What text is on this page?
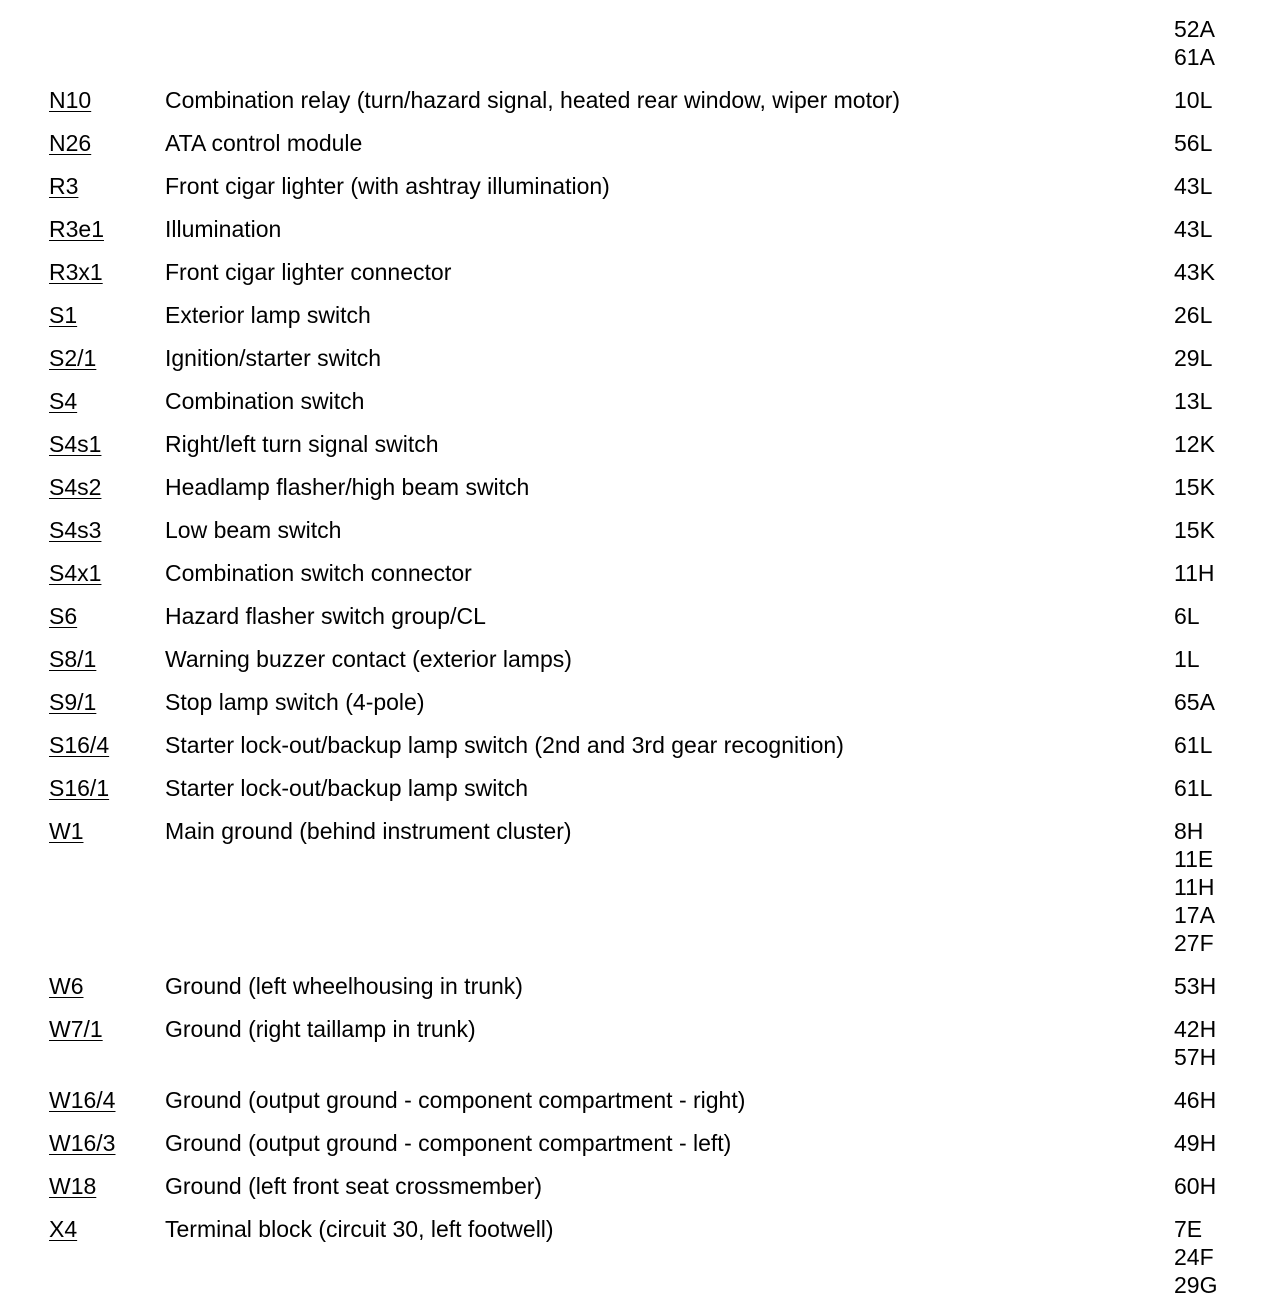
52A
61A
N10	Combination relay (turn/hazard signal, heated rear window, wiper motor)	10L
N26	ATA control module	56L
R3	Front cigar lighter (with ashtray illumination)	43L
R3e1	Illumination	43L
R3x1	Front cigar lighter connector	43K
S1	Exterior lamp switch	26L
S2/1	Ignition/starter switch	29L
S4	Combination switch	13L
S4s1	Right/left turn signal switch	12K
S4s2	Headlamp flasher/high beam switch	15K
S4s3	Low beam switch	15K
S4x1	Combination switch connector	11H
S6	Hazard flasher switch group/CL	6L
S8/1	Warning buzzer contact (exterior lamps)	1L
S9/1	Stop lamp switch (4-pole)	65A
S16/4 Starter lock-out/backup lamp switch (2nd and 3rd gear recognition)	61L
S16/1 Starter lock-out/backup lamp switch	61L
W1	Main ground (behind instrument cluster)	8H
11E
11H
17A
27F
W6	Ground (left wheelhousing in trunk)	53H
W7/1	Ground (right taillamp in trunk)	42H
57H
W16/4 Ground (output ground - component compartment - right)	46H
W16/3 Ground (output ground - component compartment - left)	49H
W18	Ground (left front seat crossmember)	60H
X4	Terminal block (circuit 30, left footwell)	7E
24F
29G
